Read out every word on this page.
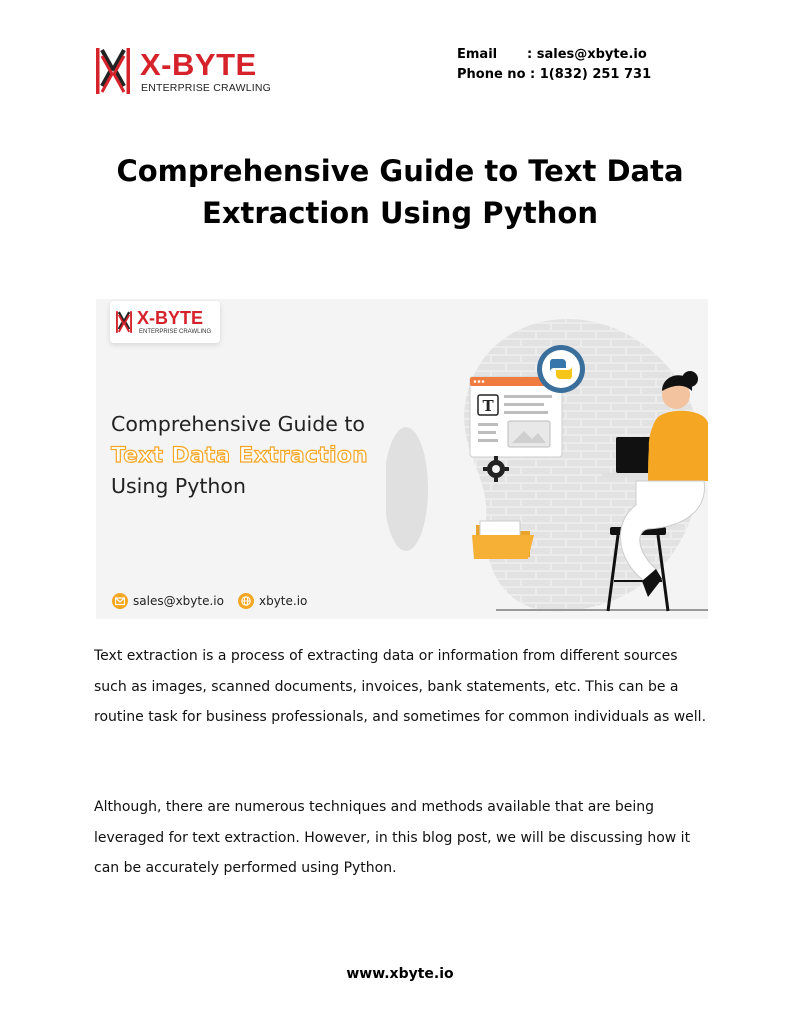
X-BYTE
ENTERPRISE CRAWLING
Email : sales@xbyte.io
Phone no : 1(832) 251 731
Comprehensive Guide to Text Data Extraction Using Python
X-BYTE
ENTERPRISE CRAWLING
Comprehensive Guide to
Text Data Extraction
Using Python
T
sales@xbyte.io	xbyte.io

Text extraction is a process of extracting data or information from different sources such as images, scanned documents, invoices, bank statements, etc. This can be a routine task for business professionals, and sometimes for common individuals as well.

Although, there are numerous techniques and methods available that are being leveraged for text extraction. However, in this blog post, we will be discussing how it can be accurately performed using Python.

www.xbyte.io
